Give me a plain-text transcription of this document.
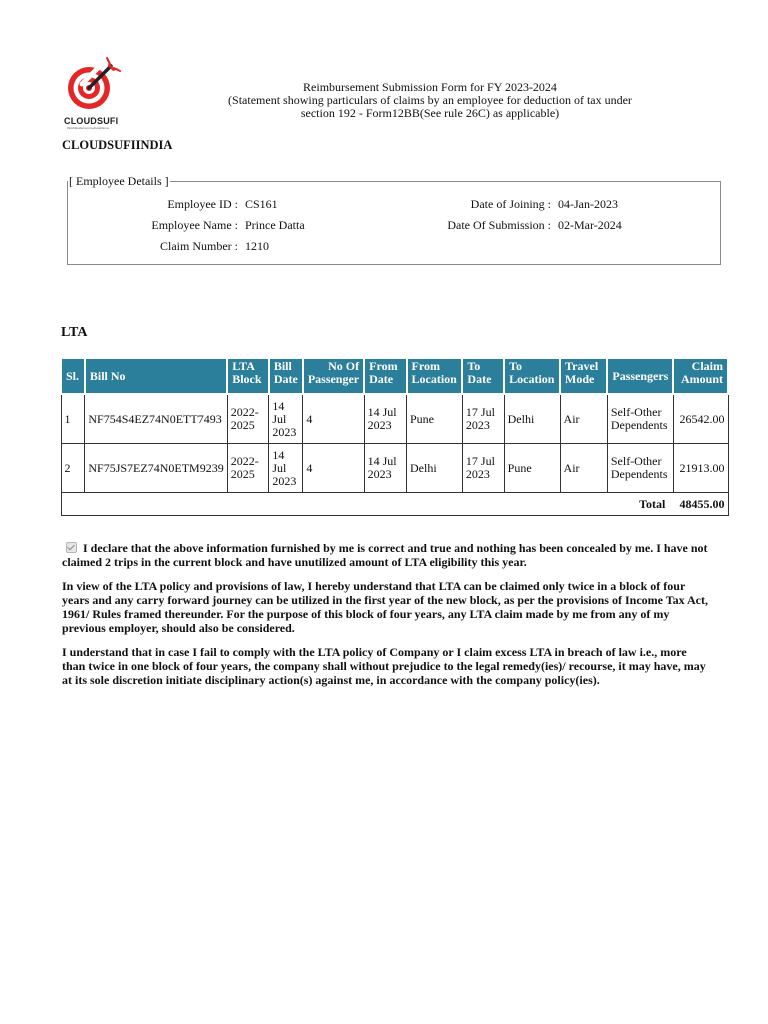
CLOUDSUFI
#WeMakeEnterpriseDataDance
Reimbursement Submission Form for FY 2023-2024
(Statement showing particulars of claims by an employee for deduction of tax under
section 192 - Form12BB(See rule 26C) as applicable)
CLOUDSUFIINDIA
[ Employee Details ]
Employee ID : CS161	Date of Joining : 04-Jan-2023
Employee Name : Prince Datta	Date Of Submission : 02-Mar-2024
Claim Number : 1210
LTA
Sl.	Bill No	LTA Block	Bill Date	No Of Passenger	From Date	From Location	To Date	To Location	Travel Mode	Passengers	Claim Amount
1	NF754S4EZ74N0ETT7493	2022-2025	14 Jul 2023	4	14 Jul 2023	Pune	17 Jul 2023	Delhi	Air	Self-Other Dependents	26542.00
2	NF75JS7EZ74N0ETM9239	2022-2025	14 Jul 2023	4	14 Jul 2023	Delhi	17 Jul 2023	Pune	Air	Self-Other Dependents	21913.00
Total											48455.00

I declare that the above information furnished by me is correct and true and nothing has been concealed by me. I have not claimed 2 trips in the current block and have unutilized amount of LTA eligibility this year.

In view of the LTA policy and provisions of law, I hereby understand that LTA can be claimed only twice in a block of four years and any carry forward journey can be utilized in the first year of the new block, as per the provisions of Income Tax Act, 1961/ Rules framed thereunder. For the purpose of this block of four years, any LTA claim made by me from any of my previous employer, should also be considered.

I understand that in case I fail to comply with the LTA policy of Company or I claim excess LTA in breach of law i.e., more than twice in one block of four years, the company shall without prejudice to the legal remedy(ies)/ recourse, it may have, may at its sole discretion initiate disciplinary action(s) against me, in accordance with the company policy(ies).
